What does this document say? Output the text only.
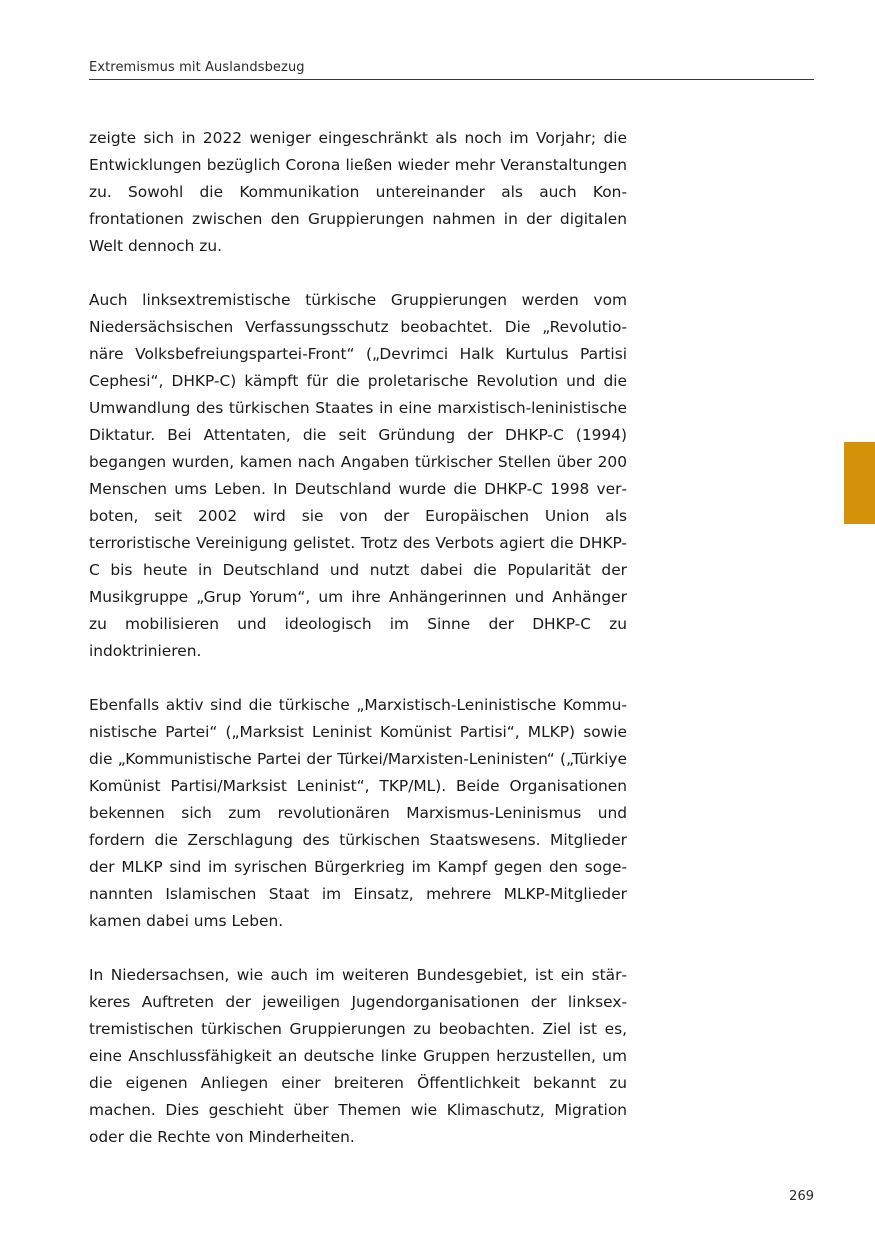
Extremismus mit Auslandsbezug

zeigte sich in 2022 weniger eingeschränkt als noch im Vorjahr; die Entwicklungen bezüglich Corona ließen wieder mehr Veranstaltungen zu. Sowohl die Kommunikation untereinander als auch Konfrontationen zwischen den Gruppierungen nahmen in der digitalen Welt dennoch zu.

Auch linksextremistische türkische Gruppierungen werden vom Niedersächsischen Verfassungsschutz beobachtet. Die „Revolutionäre Volksbefreiungspartei-Front“ („Devrimci Halk Kurtulus Partisi Cephesi“, DHKP-C) kämpft für die proletarische Revolution und die Umwandlung des türkischen Staates in eine marxistisch-leninistische Diktatur. Bei Attentaten, die seit Gründung der DHKP-C (1994) begangen wurden, kamen nach Angaben türkischer Stellen über 200 Menschen ums Leben. In Deutschland wurde die DHKP-C 1998 verboten, seit 2002 wird sie von der Europäischen Union als terroristische Vereinigung gelistet. Trotz des Verbots agiert die DHKP-C bis heute in Deutschland und nutzt dabei die Popularität der Musikgruppe „Grup Yorum“, um ihre Anhängerinnen und Anhänger zu mobilisieren und ideologisch im Sinne der DHKP-C zu indoktrinieren.

Ebenfalls aktiv sind die türkische „Marxistisch-Leninistische Kommunistische Partei“ („Marksist Leninist Komünist Partisi“, MLKP) sowie die „Kommunistische Partei der Türkei/Marxisten-Leninisten“ („Türkiye Komünist Partisi/Marksist Leninist“, TKP/ML). Beide Organisationen bekennen sich zum revolutionären Marxismus-Leninismus und fordern die Zerschlagung des türkischen Staatswesens. Mitglieder der MLKP sind im syrischen Bürgerkrieg im Kampf gegen den sogenannten Islamischen Staat im Einsatz, mehrere MLKP-Mitglieder kamen dabei ums Leben.

In Niedersachsen, wie auch im weiteren Bundesgebiet, ist ein stärkeres Auftreten der jeweiligen Jugendorganisationen der linksextremistischen türkischen Gruppierungen zu beobachten. Ziel ist es, eine Anschlussfähigkeit an deutsche linke Gruppen herzustellen, um die eigenen Anliegen einer breiteren Öffentlichkeit bekannt zu machen. Dies geschieht über Themen wie Klimaschutz, Migration oder die Rechte von Minderheiten.

269
